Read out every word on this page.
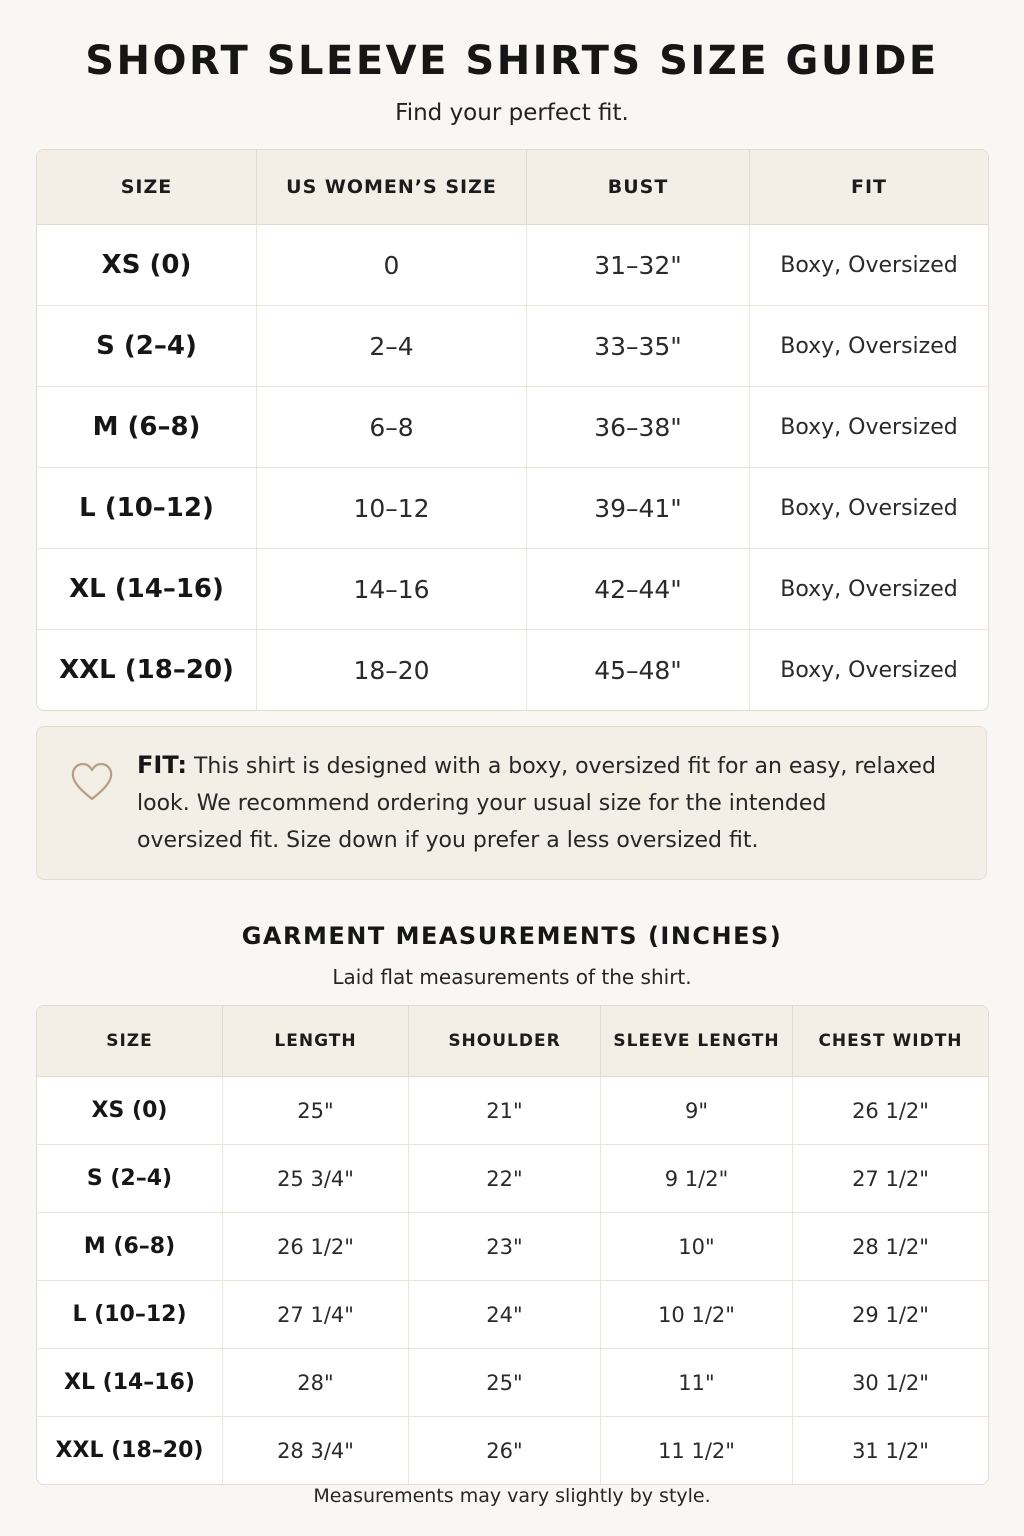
SHORT SLEEVE SHIRTS SIZE GUIDE
Find your perfect fit.
SIZE	US WOMEN’S SIZE	BUST	FIT
XS (0)	0	31–32"	Boxy, Oversized
S (2–4)	2–4	33–35"	Boxy, Oversized
M (6–8)	6–8	36–38"	Boxy, Oversized
L (10–12)	10–12	39–41"	Boxy, Oversized
XL (14–16)	14–16	42–44"	Boxy, Oversized
XXL (18–20)	18–20	45–48"	Boxy, Oversized
FIT: This shirt is designed with a boxy, oversized fit for an easy, relaxed look. We recommend ordering your usual size for the intended oversized fit. Size down if you prefer a less oversized fit.
GARMENT MEASUREMENTS (INCHES)
Laid flat measurements of the shirt.
SIZE	LENGTH	SHOULDER	SLEEVE LENGTH	CHEST WIDTH
XS (0)	25"	21"	9"	26 1/2"
S (2–4)	25 3/4"	22"	9 1/2"	27 1/2"
M (6–8)	26 1/2"	23"	10"	28 1/2"
L (10–12)	27 1/4"	24"	10 1/2"	29 1/2"
XL (14–16)	28"	25"	11"	30 1/2"
XXL (18–20)	28 3/4"	26"	11 1/2"	31 1/2"
Measurements may vary slightly by style.
